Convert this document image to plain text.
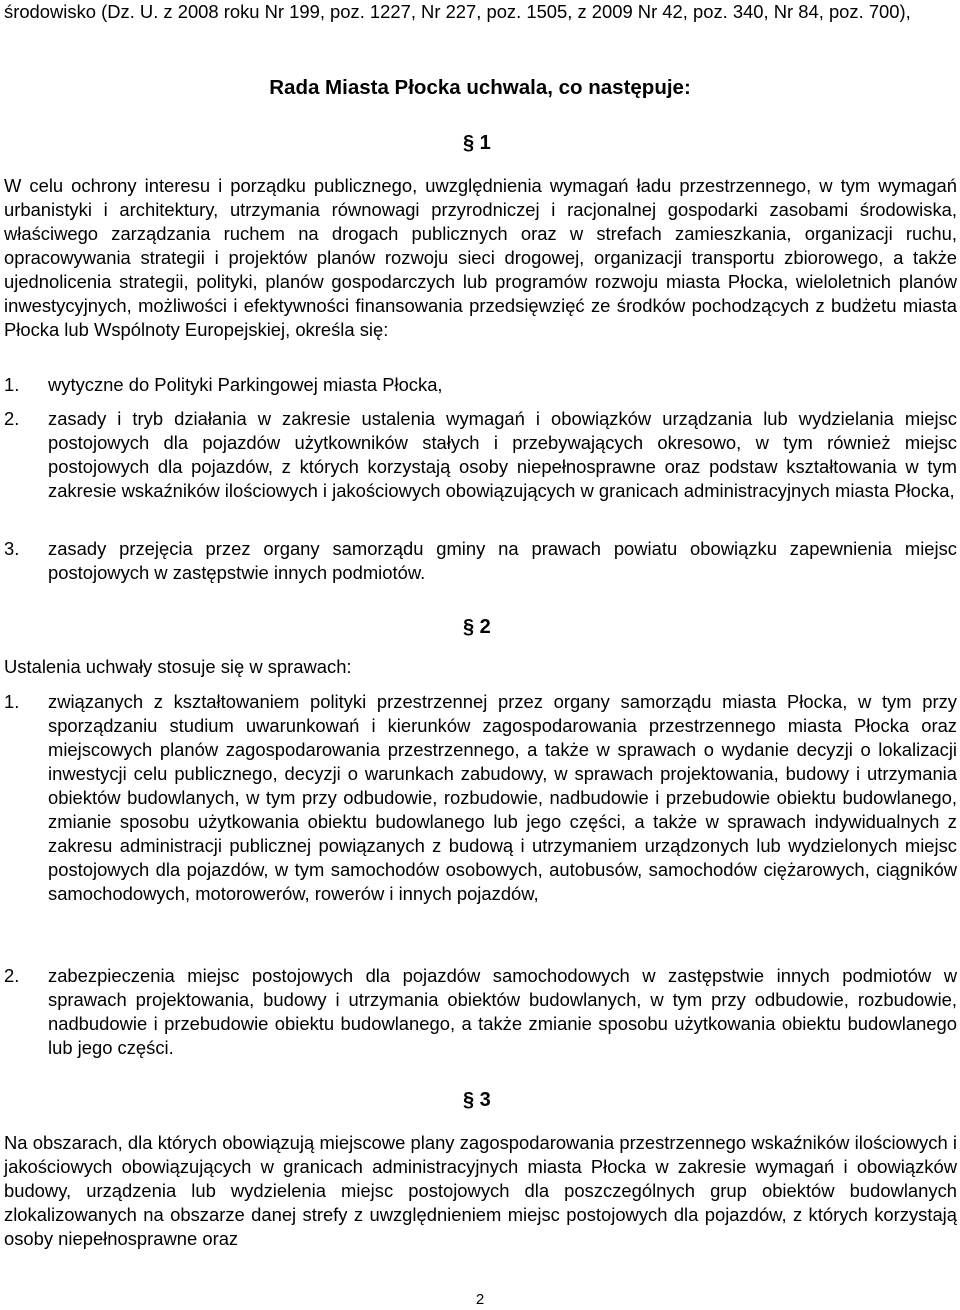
środowisko (Dz. U. z 2008 roku Nr 199, poz. 1227, Nr 227, poz. 1505, z 2009 Nr 42, poz. 340, Nr 84, poz. 700),

Rada Miasta Płocka uchwala, co następuje:
§ 1

W celu ochrony interesu i porządku publicznego, uwzględnienia wymagań ładu przestrzennego, w tym wymagań urbanistyki i architektury, utrzymania równowagi przyrodniczej i racjonalnej gospodarki zasobami środowiska, właściwego zarządzania ruchem na drogach publicznych oraz w strefach zamieszkania, organizacji ruchu, opracowywania strategii i projektów planów rozwoju sieci drogowej, organizacji transportu zbiorowego, a także ujednolicenia strategii, polityki, planów gospodarczych lub programów rozwoju miasta Płocka, wieloletnich planów inwestycyjnych, możliwości i efektywności finansowania przedsięwzięć ze środków pochodzących z budżetu miasta Płocka lub Wspólnoty Europejskiej, określa się:

1.	wytyczne do Polityki Parkingowej miasta Płocka,
2.	zasady i tryb działania w zakresie ustalenia wymagań i obowiązków urządzania lub wydzielania miejsc postojowych dla pojazdów użytkowników stałych i przebywających okresowo, w tym również miejsc postojowych dla pojazdów, z których korzystają osoby niepełnosprawne oraz podstaw kształtowania w tym zakresie wskaźników ilościowych i jakościowych obowiązujących w granicach administracyjnych miasta Płocka,
3.	zasady przejęcia przez organy samorządu gminy na prawach powiatu obowiązku zapewnienia miejsc postojowych w zastępstwie innych podmiotów.
§ 2

Ustalenia uchwały stosuje się w sprawach:

1.	związanych z kształtowaniem polityki przestrzennej przez organy samorządu miasta Płocka, w tym przy sporządzaniu studium uwarunkowań i kierunków zagospodarowania przestrzennego miasta Płocka oraz miejscowych planów zagospodarowania przestrzennego, a także w sprawach o wydanie decyzji o lokalizacji inwestycji celu publicznego, decyzji o warunkach zabudowy, w sprawach projektowania, budowy i utrzymania obiektów budowlanych, w tym przy odbudowie, rozbudowie, nadbudowie i przebudowie obiektu budowlanego, zmianie sposobu użytkowania obiektu budowlanego lub jego części, a także w sprawach indywidualnych z zakresu administracji publicznej powiązanych z budową i utrzymaniem urządzonych lub wydzielonych miejsc postojowych dla pojazdów, w tym samochodów osobowych, autobusów, samochodów ciężarowych, ciągników samochodowych, motorowerów, rowerów i innych pojazdów,
2.	zabezpieczenia miejsc postojowych dla pojazdów samochodowych w zastępstwie innych podmiotów w sprawach projektowania, budowy i utrzymania obiektów budowlanych, w tym przy odbudowie, rozbudowie, nadbudowie i przebudowie obiektu budowlanego, a także zmianie sposobu użytkowania obiektu budowlanego lub jego części.
§ 3

Na obszarach, dla których obowiązują miejscowe plany zagospodarowania przestrzennego wskaźników ilościowych i jakościowych obowiązujących w granicach administracyjnych miasta Płocka w zakresie wymagań i obowiązków budowy, urządzenia lub wydzielenia miejsc postojowych dla poszczególnych grup obiektów budowlanych zlokalizowanych na obszarze danej strefy z uwzględnieniem miejsc postojowych dla pojazdów, z których korzystają osoby niepełnosprawne oraz

2
